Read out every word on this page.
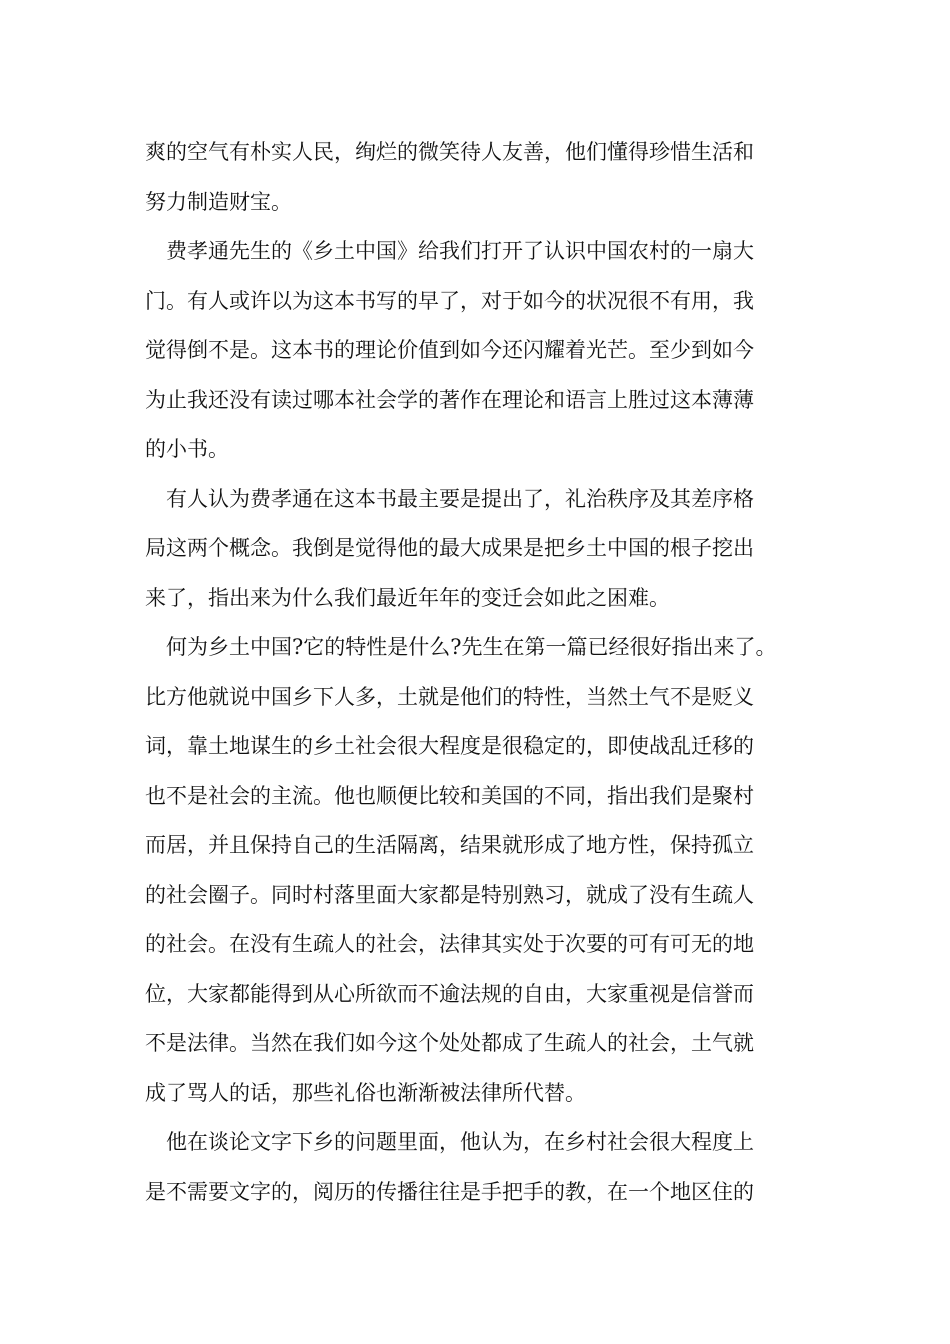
爽的空气有朴实人民，绚烂的微笑待人友善，他们懂得珍惜生活和
努力制造财宝。
费孝通先生的《乡土中国》给我们打开了认识中国农村的一扇大
门。有人或许以为这本书写的早了，对于如今的状况很不有用，我
觉得倒不是。这本书的理论价值到如今还闪耀着光芒。至少到如今
为止我还没有读过哪本社会学的著作在理论和语言上胜过这本薄薄
的小书。
有人认为费孝通在这本书最主要是提出了，礼治秩序及其差序格
局这两个概念。我倒是觉得他的最大成果是把乡土中国的根子挖出
来了，指出来为什么我们最近年年的变迁会如此之困难。
何为乡土中国?它的特性是什么?先生在第一篇已经很好指出来了。
比方他就说中国乡下人多，土就是他们的特性，当然土气不是贬义
词，靠土地谋生的乡土社会很大程度是很稳定的，即使战乱迁移的
也不是社会的主流。他也顺便比较和美国的不同，指出我们是聚村
而居，并且保持自己的生活隔离，结果就形成了地方性，保持孤立
的社会圈子。同时村落里面大家都是特别熟习，就成了没有生疏人
的社会。在没有生疏人的社会，法律其实处于次要的可有可无的地
位，大家都能得到从心所欲而不逾法规的自由，大家重视是信誉而
不是法律。当然在我们如今这个处处都成了生疏人的社会，土气就
成了骂人的话，那些礼俗也渐渐被法律所代替。
他在谈论文字下乡的问题里面，他认为，在乡村社会很大程度上
是不需要文字的，阅历的传播往往是手把手的教，在一个地区住的
